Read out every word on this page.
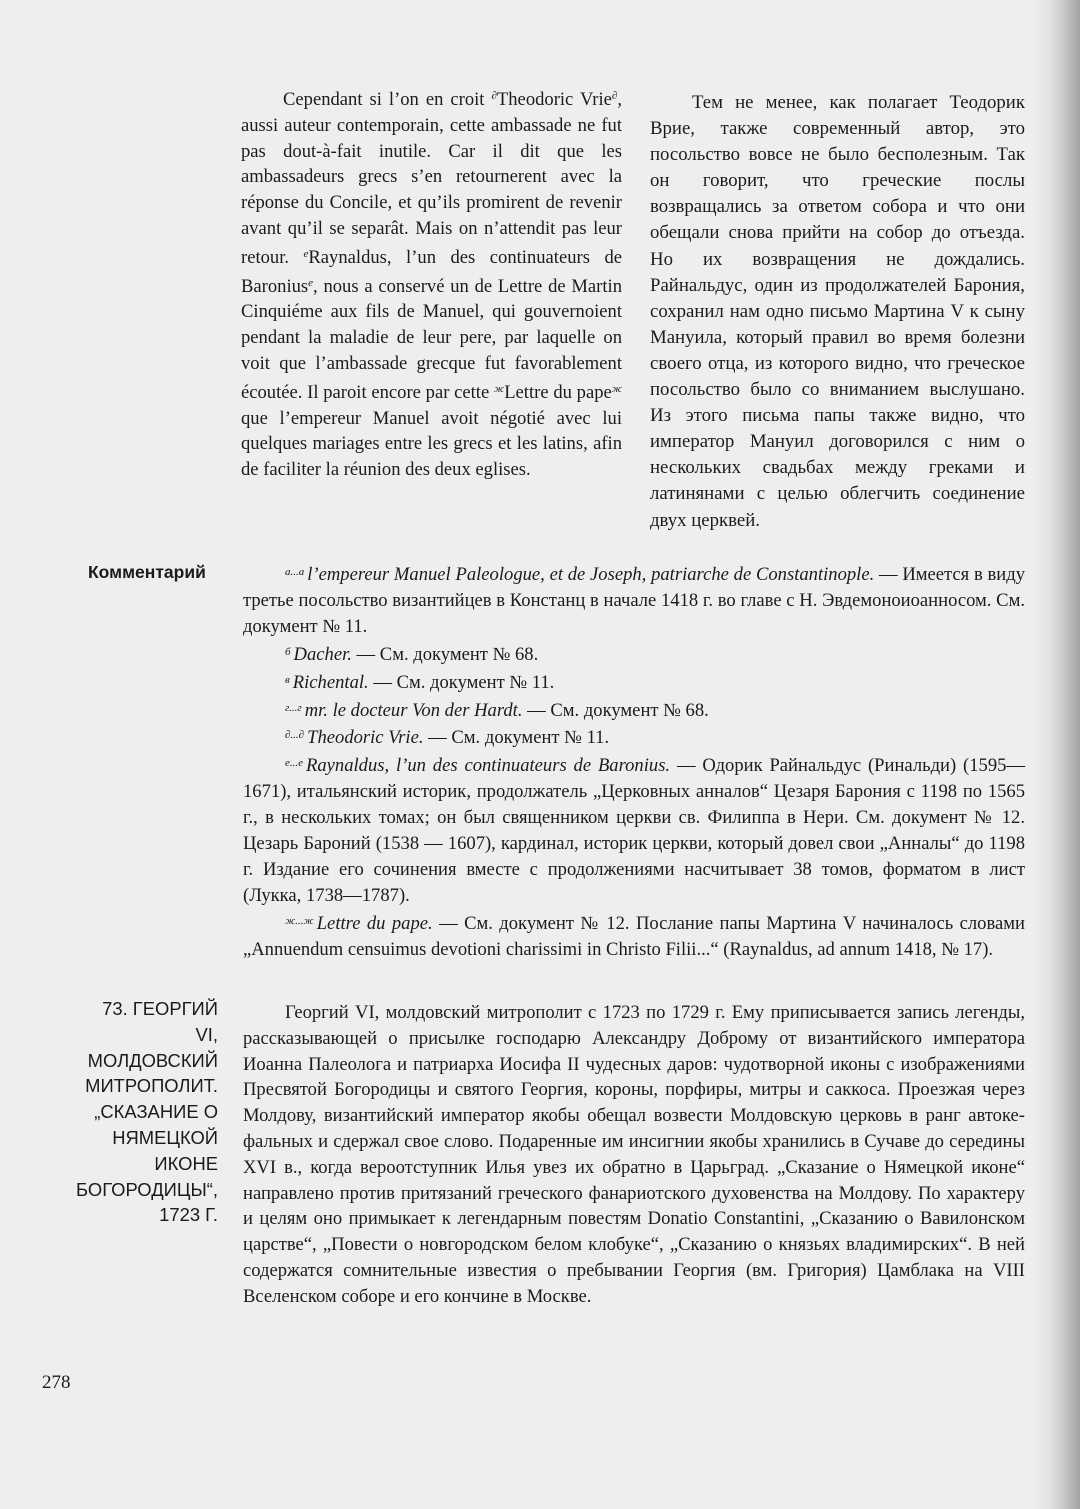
Cependant si l’on en croit ∂Theodoric Vrie∂, aussi auteur contemporain, cette ambassade ne fut pas dout-à-fait inutile. Car il dit que les ambassadeurs grecs s’en retournerent avec la réponse du Concile, et qu’ils promirent de revenir avant qu’il se separât. Mais on n’attendit pas leur retour. $^e$Raynaldus, l’un des continuateurs de Baronius$^e$, nous a conservé un de Lettre de Martin Cinquiéme aux fils de Manuel, qui gouvernoient pendant la maladie de leur pere, par laquelle on voit que l’ambassade grecque fut favorablement écoutée. Il paroit encore par cette $^ж$Lettre du pape$^ж$ que l’empereur Manuel avoit négotié avec lui quelques mariages entre les grecs et les latins, afin de faciliter la réunion des deux eglises.

Тем не менее, как полагает Теодорик Врие, также современный автор, это посольство вовсе не было бесполезным. Так он говорит, что греческие послы возвращались за ответом собора и что они обещали снова прийти на собор до отъезда. Но их возвращения не дождались. Райнальдус, один из продолжателей Барония, сохранил нам одно письмо Мартина V к сыну Мануила, который правил во время болезни своего отца, из которого видно, что греческое посольство было со вниманием выслушано. Из этого письма папы также видно, что император Мануил договорился с ним о нескольких свадьбах между греками и латинянами с целью облегчить соединение двух церквей.

Комментарий	$^{а...а}$ l’empereur Manuel Paleologue, et de Joseph, patriarche de Constantinople. — Имеется в виду третье посольство византийцев в Констанц в начале 1418 г. во главе с Н. Эвдемоноиоанносом. См. документ № 11.

$^б$ Dacher. — См. документ № 68.

$^в$ Richental. — См. документ № 11.

$^{г...г}$ mr. le docteur Von der Hardt. — См. документ № 68.

∂...∂ Theodoric Vrie. — См. документ № 11.

$^{е...е}$ Raynaldus, l’un des continuateurs de Baronius. — Одорик Райнальдус (Ринальди) (1595—1671), итальянский историк, продолжатель „Церковных анналов“ Цезаря Барония с 1198 по 1565 г., в нескольких томах; он был священником церкви св. Филиппа в Нери. См. документ № 12. Цезарь Бароний (1538 — 1607), кардинал, историк церкви, который довел свои „Анналы“ до 1198 г. Издание его сочинения вместе с продолжениями насчитывает 38 томов, форматом в лист (Лукка, 1738—1787).

$^{ж...ж}$ Lettre du pape. — См. документ № 12. Послание папы Мартина V начиналось словами „Annuendum censuimus devotioni charissimi in Christo Filii...“ (Raynaldus, ad annum 1418, № 17).

73. ГЕОРГИЙ
VI,
МОЛДОВСКИЙ
МИТРОПОЛИТ.
„СКАЗАНИЕ О
НЯМЕЦКОЙ
ИКОНЕ
БОГОРОДИЦЫ“,
1723 Г.

Георгий VI, молдовский митрополит с 1723 по 1729 г. Ему приписывается запись легенды, рассказывающей о присылке господарю Александру Доброму от византийского императора Иоанна Палеолога и патриарха Иосифа II чудесных даров: чудотворной иконы с изображениями Пресвятой Богородицы и святого Георгия, короны, порфиры, митры и саккоса. Проезжая через Молдову, византийский император якобы обещал возвести Молдовскую церковь в ранг автокефальных и сдержал свое слово. Подаренные им инсигнии якобы хранились в Сучаве до середины XVI в., когда вероотступник Илья увез их обратно в Царьград. „Сказание о Нямецкой иконе“ направлено против притязаний греческого фанариотского духовенства на Молдову. По характеру и целям оно примыкает к легендарным повестям Donatio Constantini, „Сказанию о Вавилонском царстве“, „Повести о новгородском белом клобуке“, „Сказанию о князьях владимирских“. В ней содержатся сомнительные известия о пребывании Георгия (вм. Григория) Цамблака на VIII Вселенском соборе и его кончине в Москве.

278
